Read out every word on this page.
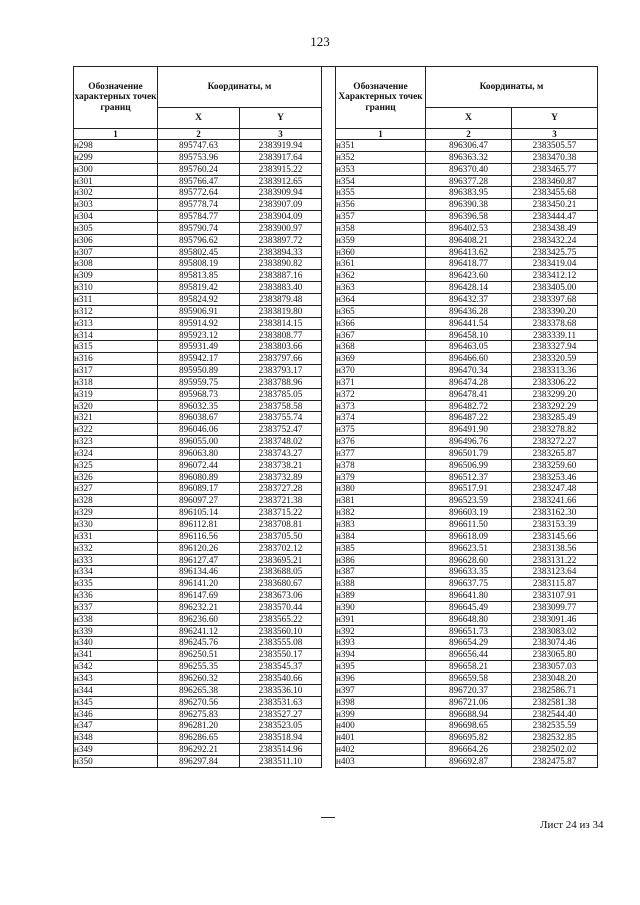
123
Обозначение характерных точек границ	Координаты, м	
	X	Y
1	2	3
н298	895747.63	2383919.94
н299	895753.96	2383917.64
н300	895760.24	2383915.22
н301	895766.47	2383912.65
н302	895772.64	2383909.94
н303	895778.74	2383907.09
н304	895784.77	2383904.09
н305	895790.74	2383900.97
н306	895796.62	2383897.72
н307	895802.45	2383894.33
н308	895808.19	2383890.82
н309	895813.85	2383887.16
н310	895819.42	2383883.40
н311	895824.92	2383879.48
н312	895906.91	2383819.80
н313	895914.92	2383814.15
н314	895923.12	2383808.77
н315	895931.49	2383803.66
н316	895942.17	2383797.66
н317	895950.89	2383793.17
н318	895959.75	2383788.96
н319	895968.73	2383785.05
н320	896032.35	2383758.58
н321	896038.67	2383755.74
н322	896046.06	2383752.47
н323	896055.00	2383748.02
н324	896063.80	2383743.27
н325	896072.44	2383738.21
н326	896080.89	2383732.89
н327	896089.17	2383727.28
н328	896097.27	2383721.38
н329	896105.14	2383715.22
н330	896112.81	2383708.81
н331	896116.56	2383705.50
н332	896120.26	2383702.12
н333	896127.47	2383695.21
н334	896134.46	2383688.05
н335	896141.20	2383680.67
н336	896147.69	2383673.06
н337	896232.21	2383570.44
н338	896236.60	2383565.22
н339	896241.12	2383560.10
н340	896245.76	2383555.08
н341	896250.51	2383550.17
н342	896255.35	2383545.37
н343	896260.32	2383540.66
н344	896265.38	2383536.10
н345	896270.56	2383531.63
н346	896275.83	2383527.27
н347	896281.20	2383523.05
н348	896286.65	2383518.94
н349	896292.21	2383514.96
н350	896297.84	2383511.10
Обозначение Характерных точек границ	Координаты, м	
	X	Y
1	2	3
н351	896306.47	2383505.57
н352	896363.32	2383470.38
н353	896370.40	2383465.77
н354	896377.28	2383460.87
н355	896383.95	2383455.68
н356	896390.38	2383450.21
н357	896396.58	2383444.47
н358	896402.53	2383438.49
н359	896408.21	2383432.24
н360	896413.62	2383425.75
н361	896418.77	2383419.04
н362	896423.60	2383412.12
н363	896428.14	2383405.00
н364	896432.37	2383397.68
н365	896436.28	2383390.20
н366	896441.54	2383378.68
н367	896458.10	2383339.11
н368	896463.05	2383327.94
н369	896466.60	2383320.59
н370	896470.34	2383313.36
н371	896474.28	2383306.22
н372	896478.41	2383299.20
н373	896482.72	2383292.29
н374	896487.22	2383285.49
н375	896491.90	2383278.82
н376	896496.76	2383272.27
н377	896501.79	2383265.87
н378	896506.99	2383259.60
н379	896512.37	2383253.46
н380	896517.91	2383247.48
н381	896523.59	2383241.66
н382	896603.19	2383162.30
н383	896611.50	2383153.39
н384	896618.09	2383145.66
н385	896623.51	2383138.56
н386	896628.60	2383131.22
н387	896633.35	2383123.64
н388	896637.75	2383115.87
н389	896641.80	2383107.91
н390	896645.49	2383099.77
н391	896648.80	2383091.46
н392	896651.73	2383083.02
н393	896654.29	2383074.46
н394	896656.44	2383065.80
н395	896658.21	2383057.03
н396	896659.58	2383048.20
н397	896720.37	2382586.71
н398	896721.06	2382581.38
н399	896688.94	2382544.40
н400	896698.65	2382535.59
н401	896695.82	2382532.85
н402	896664.26	2382502.02
н403	896692.87	2382475.87
Лист 24 из 34
